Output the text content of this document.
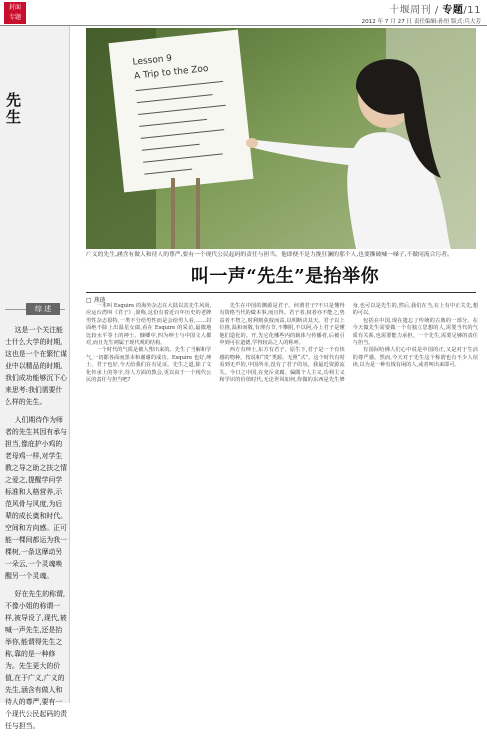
封面
专题
十堰周刊 / 专题/11
2012 年 7 月 27 日 责任编辑:孙恒 版式:兵大芳
先生
Lesson 9
A Trip to the Zoo
广义的先生,涵含有做人和待人的尊严,要有一个现代公民起码的责任与担当。他即便不是力挽狂澜的那个人,也要撕破喊一嗓子,不做同流合污者。
叫一声“先生”是抬举你
□ 燕琏
综 述

这是一个关注能士什么大学的时期,这也是一个在繁忙谋业中以精品的时期,我们成功能够沉下心来思考:我们需要什么样的先生。

人们期待作为师者的先生其因有承与担当,像庇护小鸡的老母鸡一样,对学生教之导之助之扶之情之爱之,提醒学问学标准和人格营养,示范风骨与风度,为后辈的成长奠和时代。空间和方向感。正可能一棵间都运为我一棵树,一条这摩动另一朵云,一个灵魂唤醒另一个灵魂。

好在先生的称谓,不像小姐的称谓一样,被导设了,现代,被喊一声先生,还是抬举你,能谓得先生之称,靠的是一种修为。先生更大的价值,在于广义,广义的先生,涵含有做人和待人的尊严,要有一个现代公民起码的责任与担当。

一本叫 Esquire 的海外杂志在大陆以其先生风尚,应运台湾叫《君子》,简称,这份有着近百年历史的老牌男性杂志很特,一类不分给男性而是会给男人看,……封面绝不除上出温星女郎,看在 Esquire 的采访,最微地比较水平等士的神士、慷卿中,四为绅士与中国文人都对,而且先生则属于现代观的结构。

一个时代的气质是被人塑出来的。先生了当解和学气,一切都各面而黑本和谢谢的成功。Esquire 也好,绅士、君子也好,今天给我们在有见证。先生之道,除了文化传承上的等字,待人方面的教会,更以由于一个现代公民的责任与担当吧?

先生在中国的渊源是君子。何谓君子?不只是懂得有资格当代的做本事,而且得。君子者,权者亦不能之,势益者不智之,时利则获权而益,以明断决其天。君子以上位推,温和而敬,有理有节,不攀附,不以阿,办上君子是懂他们造化的。开,先它化哪些内的载体与传播者,后被引申到可在道德,学得较高之人的称呼。

西方有绅士,东方有君子。原生下,君子是一个有快感的物种。按说和“贵”类源。无照“式”。这个时代有时看到无声的,中国所幸,没有了君子的氛。我最近资源流失。今日之中国,在充斥贪腐、偏隅个人主义,功利主义和学识的价值时代,无论世风如何,你做的东西是先生修身,也可以是先生的,然后,我们在当,在上有中正关先,想的可以。

包括在中国,现在遗忘了传统的古典的一部分。在今天做先生需要做一个有独立思想的人,需要当代的气质有关系,也需要能力承担。一个先生,需要足够的责任与担当。

有国际哈佛人们心中说是中国的正,又是对于生活的尊严感。然而,今天对于先生这个称谓也有不少人误读,以为是一种有钱有闲的人,或者叫出来即可。
